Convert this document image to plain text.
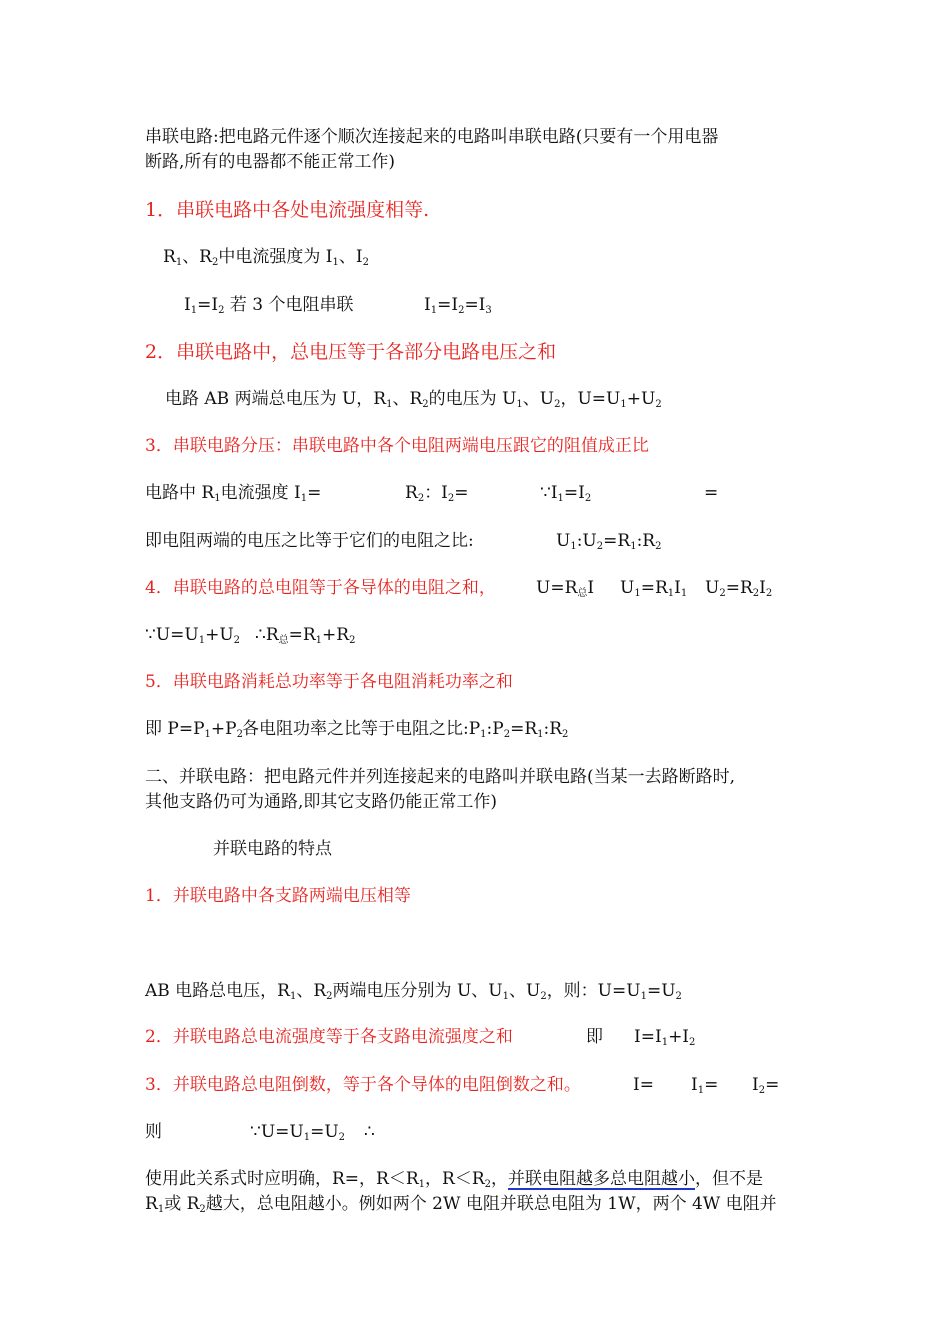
串联电路:把电路元件逐个顺次连接起来的电路叫串联电路(只要有一个用电器
断路,所有的电器都不能正常工作)
1．串联电路中各处电流强度相等.
$R_1$、$R_2$中电流强度为 $I_1$、$I_2$
$I_1=I_2$ 若 3 个电阻串联	$I_1=I_2=I_3$
2．串联电路中，总电压等于各部分电路电压之和
电路 AB 两端总电压为 U，$R_1$、$R_2$的电压为 $U_1$、$U_2$，$U=U_1+U_2$
3．串联电路分压：串联电路中各个电阻两端电压跟它的阻值成正比
电路中 $R_1$电流强度 $I_1=$	$R_2$：$I_2=$	$\because I_1=I_2$	=
即电阻两端的电压之比等于它们的电阻之比:	$U_1:U_2=R_1:R_2$
4．串联电路的总电阻等于各导体的电阻之和， $U=R_总I$ $U_1=R_1I_1$ $U_2=R_2I_2$
$\because U=U_1+U_2$ $\therefore R_总=R_1+R_2$
5．串联电路消耗总功率等于各电阻消耗功率之和
即 $P=P_1+P_2$ 各电阻功率之比等于电阻之比$:P_1:P_2=R_1:R_2$
二、并联电路：把电路元件并列连接起来的电路叫并联电路(当某一去路断路时,
其他支路仍可为通路,即其它支路仍能正常工作)
并联电路的特点
1．并联电路中各支路两端电压相等
AB 电路总电压，$R_1$、$R_2$两端电压分别为 U、$U_1$、$U_2$，则：$U=U_1=U_2$
2．并联电路总电流强度等于各支路电流强度之和	即 $I=I_1+I_2$
3．并联电路总电阻倒数，等于各个导体的电阻倒数之和。	$I= I_1= I_2=$
则	$\because U=U_1=U_2$ ∴
使用此关系式时应明确，R=，$R<R_1$，$R<R_2$，并联电阻越多总电阻越小，但不是
$R_1$或 $R_2$越大，总电阻越小。例如两个 2W 电阻并联总电阻为 1W，两个 4W 电阻并
